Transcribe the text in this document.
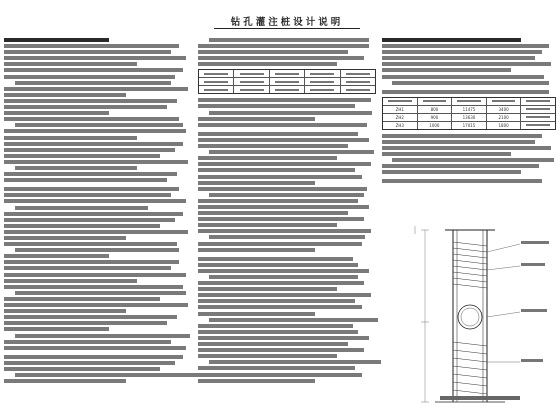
钻孔灌注桩设计说明
ZH1	800	11475	3400
ZH2	900	13630	2100
ZH3	1000	17015	1800
